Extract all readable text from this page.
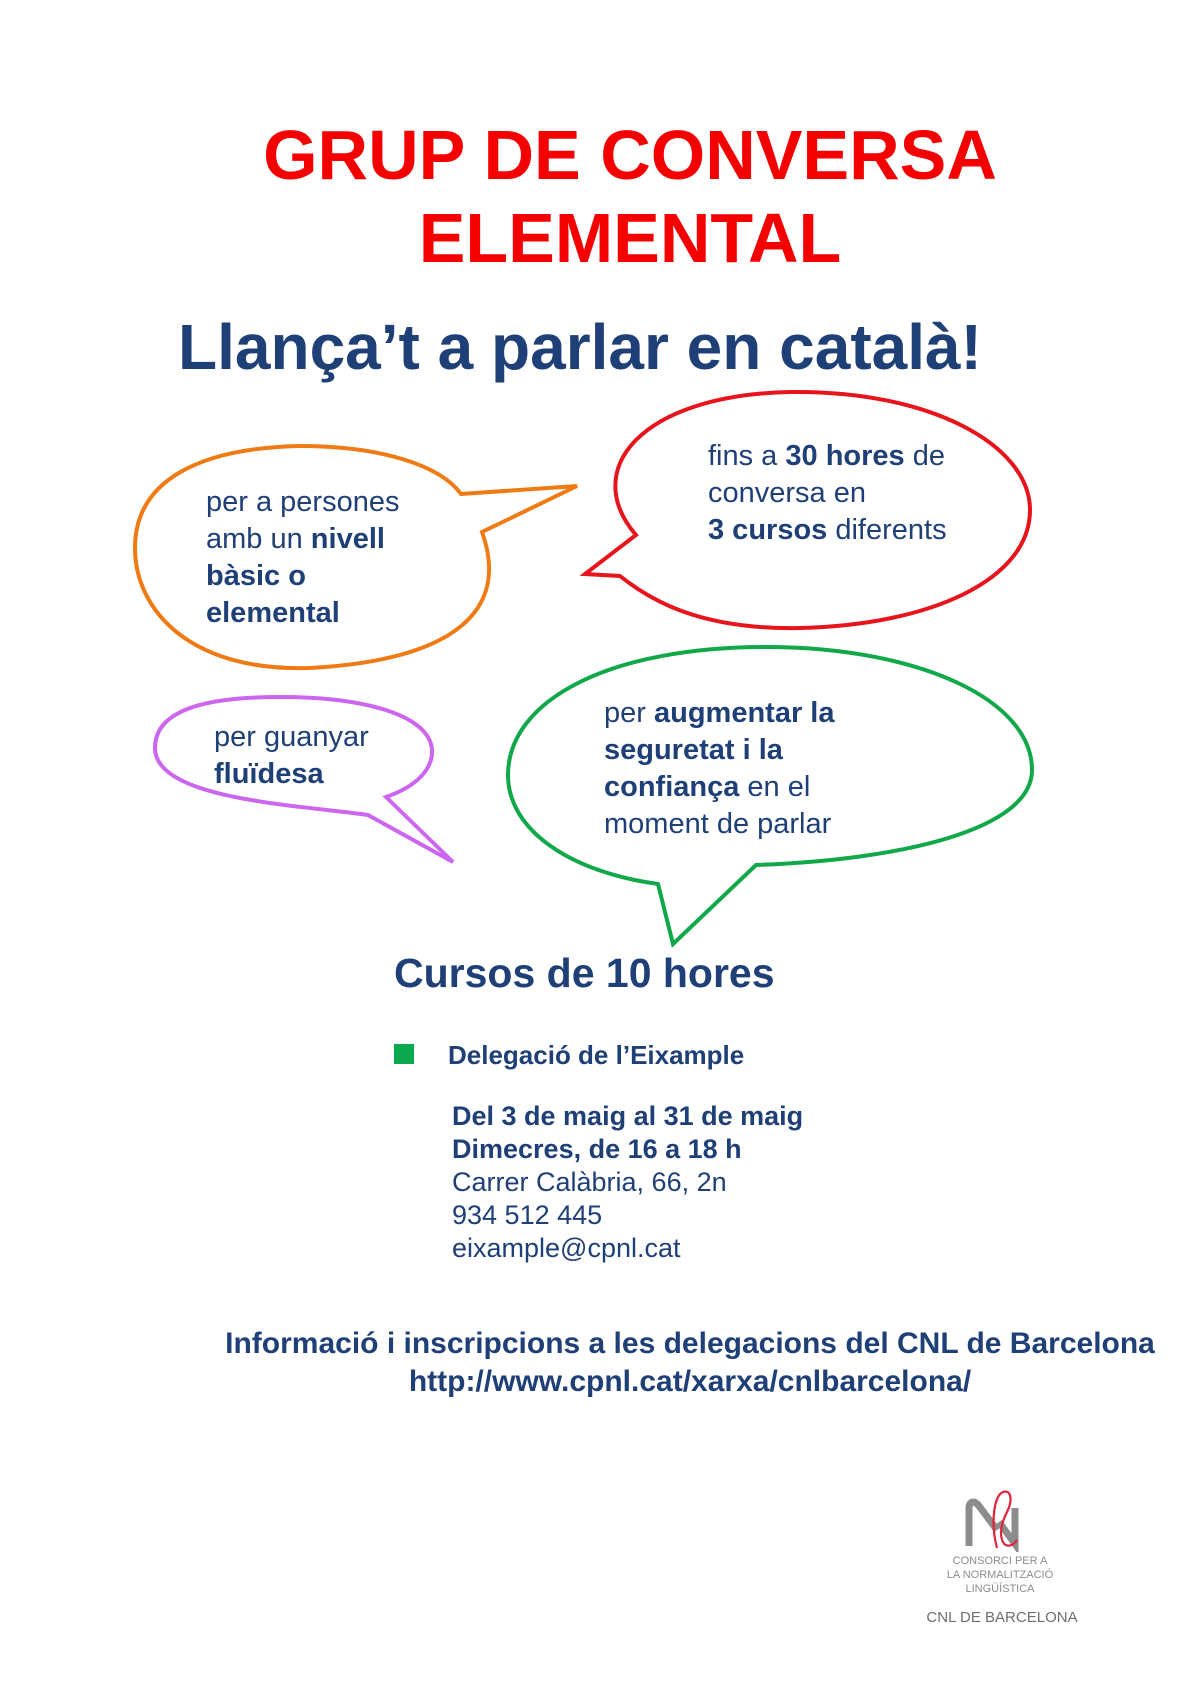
GRUP DE CONVERSA
ELEMENTAL
Llança’t a parlar en català!
per a persones
amb un nivell
bàsic o
elemental
fins a 30 hores de
conversa en
3 cursos diferents
per guanyar
fluïdesa
per augmentar la
seguretat i la
confiança en el
moment de parlar
Cursos de 10 hores
Delegació de l’Eixample
Del 3 de maig al 31 de maig
Dimecres, de 16 a 18 h
Carrer Calàbria, 66, 2n
934 512 445
eixample@cpnl.cat
Informació i inscripcions a les delegacions del CNL de Barcelona
http://www.cpnl.cat/xarxa/cnlbarcelona/
CONSORCI PER A
LA NORMALITZACIÓ
LINGÜÍSTICA
CNL DE BARCELONA
